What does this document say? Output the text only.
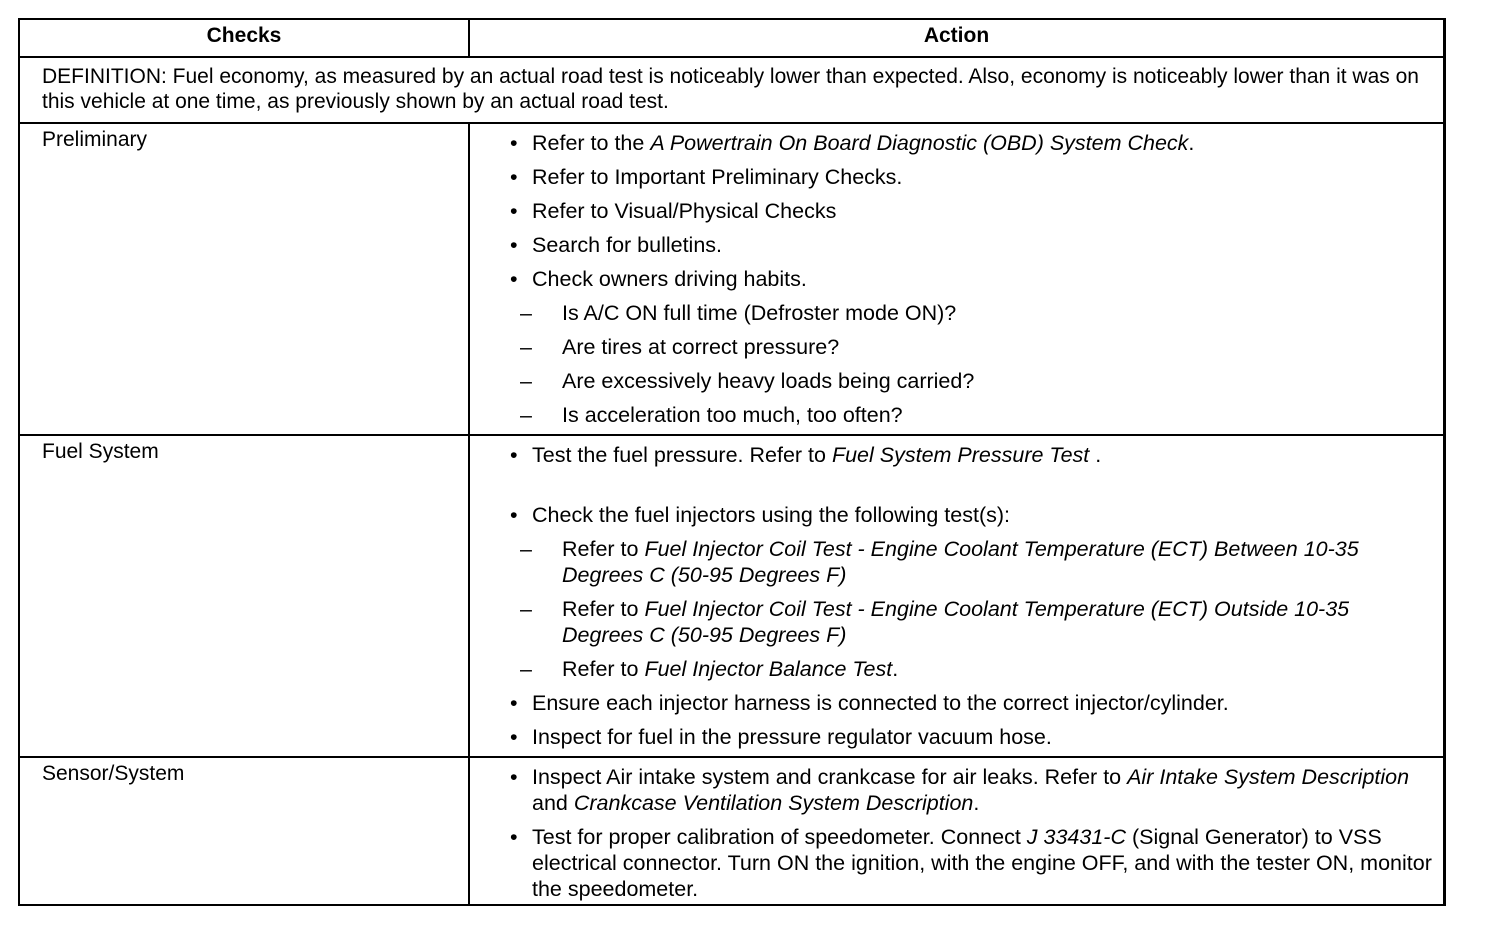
Checks	Action
DEFINITION: Fuel economy, as measured by an actual road test is noticeably lower than expected. Also, economy is noticeably lower than it was on this vehicle at one time, as previously shown by an actual road test.
Preliminary	• Refer to the A Powertrain On Board Diagnostic (OBD) System Check.
• Refer to Important Preliminary Checks.
• Refer to Visual/Physical Checks
• Search for bulletins.
• Check owners driving habits.
– Is A/C ON full time (Defroster mode ON)?
– Are tires at correct pressure?
– Are excessively heavy loads being carried?
– Is acceleration too much, too often?
Fuel System	• Test the fuel pressure. Refer to Fuel System Pressure Test .
• Check the fuel injectors using the following test(s):
– Refer to Fuel Injector Coil Test - Engine Coolant Temperature (ECT) Between 10-35 Degrees C (50-95 Degrees F)
– Refer to Fuel Injector Coil Test - Engine Coolant Temperature (ECT) Outside 10-35 Degrees C (50-95 Degrees F)
– Refer to Fuel Injector Balance Test.
• Ensure each injector harness is connected to the correct injector/cylinder.
• Inspect for fuel in the pressure regulator vacuum hose.
Sensor/System	• Inspect Air intake system and crankcase for air leaks. Refer to Air Intake System Description and Crankcase Ventilation System Description.
• Test for proper calibration of speedometer. Connect J 33431-C (Signal Generator) to VSS electrical connector. Turn ON the ignition, with the engine OFF, and with the tester ON, monitor the speedometer.
